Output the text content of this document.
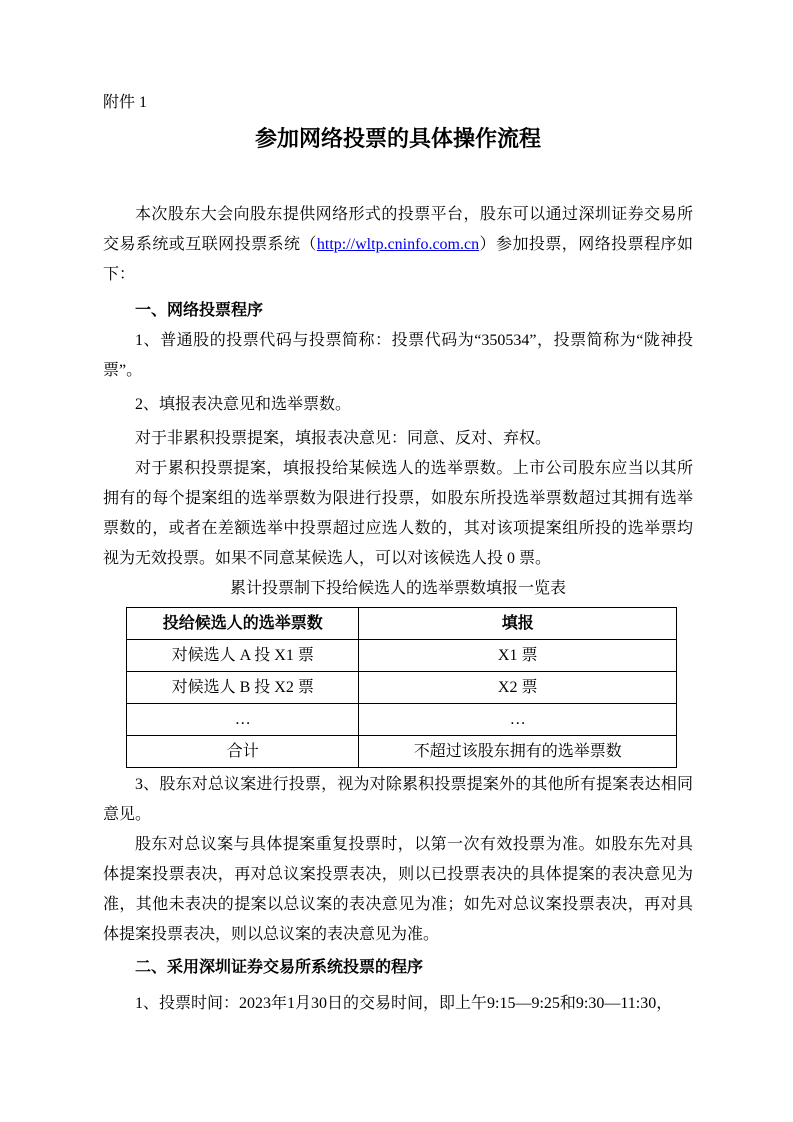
附件 1

参加网络投票的具体操作流程

本次股东大会向股东提供网络形式的投票平台，股东可以通过深圳证券交易所交易系统或互联网投票系统（http://wltp.cninfo.com.cn）参加投票，网络投票程序如下：

一、网络投票程序

1、普通股的投票代码与投票简称：投票代码为“350534”，投票简称为“陇神投票”。

2、填报表决意见和选举票数。

对于非累积投票提案，填报表决意见：同意、反对、弃权。

对于累积投票提案，填报投给某候选人的选举票数。上市公司股东应当以其所拥有的每个提案组的选举票数为限进行投票，如股东所投选举票数超过其拥有选举票数的，或者在差额选举中投票超过应选人数的，其对该项提案组所投的选举票均视为无效投票。如果不同意某候选人，可以对该候选人投 0 票。

累计投票制下投给候选人的选举票数填报一览表

投给候选人的选举票数	填报
对候选人 A 投 X1 票	X1 票
对候选人 B 投 X2 票	X2 票
…	…
合计	不超过该股东拥有的选举票数

3、股东对总议案进行投票，视为对除累积投票提案外的其他所有提案表达相同意见。

股东对总议案与具体提案重复投票时，以第一次有效投票为准。如股东先对具体提案投票表决，再对总议案投票表决，则以已投票表决的具体提案的表决意见为准，其他未表决的提案以总议案的表决意见为准；如先对总议案投票表决，再对具体提案投票表决，则以总议案的表决意见为准。

二、采用深圳证券交易所系统投票的程序

1、投票时间：2023年1月30日的交易时间，即上午9:15—9:25和9:30—11:30，
